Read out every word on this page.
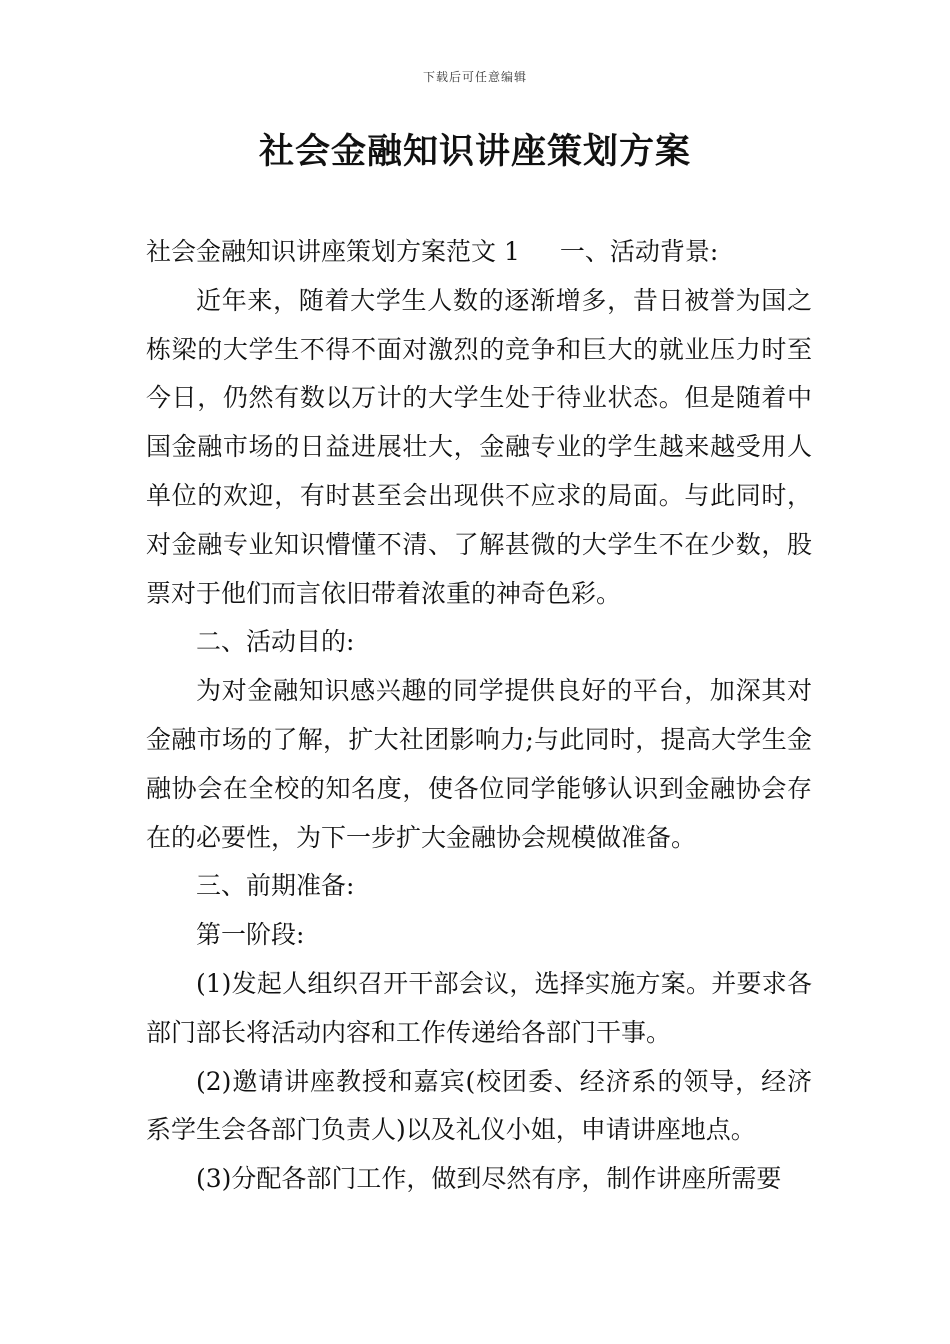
下载后可任意编辑
社会金融知识讲座策划方案

社会金融知识讲座策划方案范文 1 一、活动背景:

近年来，随着大学生人数的逐渐增多，昔日被誉为国之栋梁的大学生不得不面对激烈的竞争和巨大的就业压力时至今日，仍然有数以万计的大学生处于待业状态。但是随着中国金融市场的日益进展壮大，金融专业的学生越来越受用人单位的欢迎，有时甚至会出现供不应求的局面。与此同时，对金融专业知识懵懂不清、了解甚微的大学生不在少数，股票对于他们而言依旧带着浓重的神奇色彩。

二、活动目的:

为对金融知识感兴趣的同学提供良好的平台，加深其对金融市场的了解，扩大社团影响力;与此同时，提高大学生金融协会在全校的知名度，使各位同学能够认识到金融协会存在的必要性，为下一步扩大金融协会规模做准备。

三、前期准备:

第一阶段:

(1)发起人组织召开干部会议，选择实施方案。并要求各部门部长将活动内容和工作传递给各部门干事。

(2)邀请讲座教授和嘉宾(校团委、经济系的领导，经济系学生会各部门负责人)以及礼仪小姐，申请讲座地点。

(3)分配各部门工作，做到尽然有序，制作讲座所需要
